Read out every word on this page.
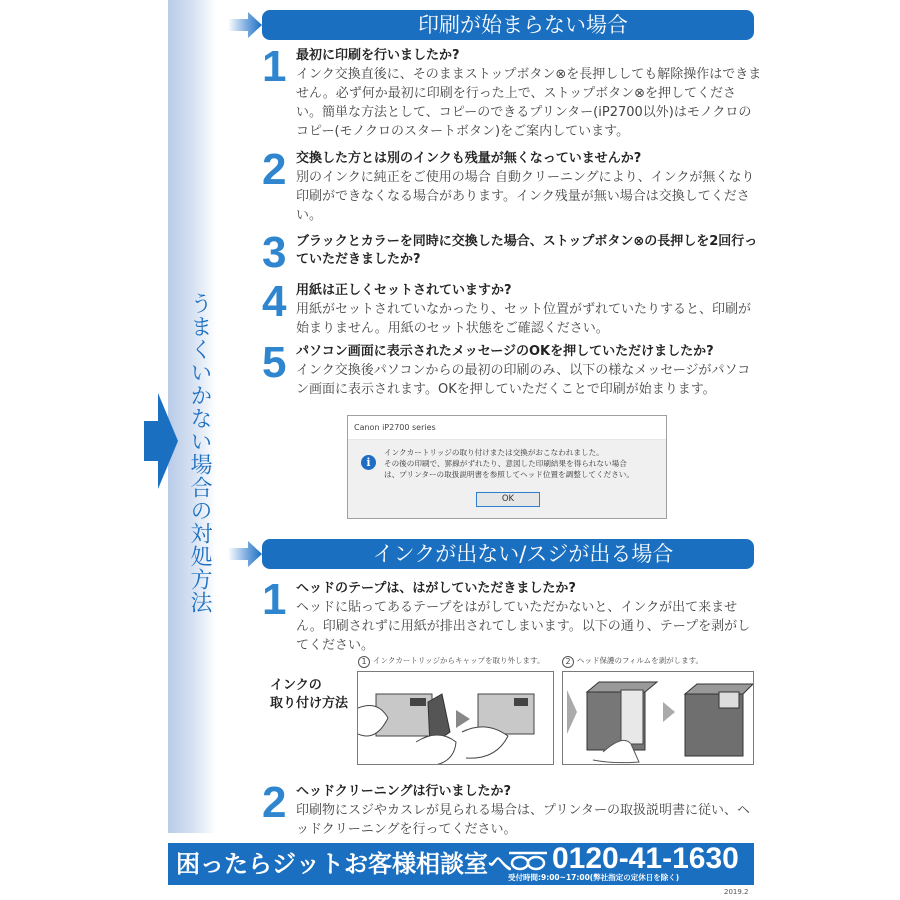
うまくいかない場合の対処方法
印刷が始まらない場合
1 最初に印刷を行いましたか?
インク交換直後に、そのままストップボタン⊗を長押ししても解除操作はできません。必ず何か最初に印刷を行った上で、ストップボタン⊗を押してください。簡単な方法として、コピーのできるプリンター(iP2700以外)はモノクロのコピー(モノクロのスタートボタン)をご案内しています。
2 交換した方とは別のインクも残量が無くなっていませんか?
別のインクに純正をご使用の場合 自動クリーニングにより、インクが無くなり印刷ができなくなる場合があります。インク残量が無い場合は交換してください。
3 ブラックとカラーを同時に交換した場合、ストップボタン⊗の長押しを2回行っていただきましたか?
4 用紙は正しくセットされていますか?
用紙がセットされていなかったり、セット位置がずれていたりすると、印刷が始まりません。用紙のセット状態をご確認ください。
5 パソコン画面に表示されたメッセージのOKを押していただけましたか?
インク交換後パソコンからの最初の印刷のみ、以下の様なメッセージがパソコン画面に表示されます。OKを押していただくことで印刷が始まります。
Canon iP2700 series
i
インクカートリッジの取り付けまたは交換がおこなわれました。
その後の印刷で、罫線がずれたり、意図した印刷結果を得られない場合
は、プリンターの取扱説明書を参照してヘッド位置を調整してください。
OK
インクが出ない/スジが出る場合
1 ヘッドのテープは、はがしていただきましたか?
ヘッドに貼ってあるテープをはがしていただかないと、インクが出て来ません。印刷されずに用紙が排出されてしまいます。以下の通り、テープを剥がしてください。
インクの
取り付け方法
1 インクカートリッジからキャップを取り外します。	2 ヘッド保護のフィルムを剥がします。
2 ヘッドクリーニングは行いましたか?
印刷物にスジやカスレが見られる場合は、プリンターの取扱説明書に従い、ヘッドクリーニングを行ってください。
困ったらジットお客様相談室へ 0120-41-1630
受付時間:9:00~17:00(弊社指定の定休日を除く)
2019.2
